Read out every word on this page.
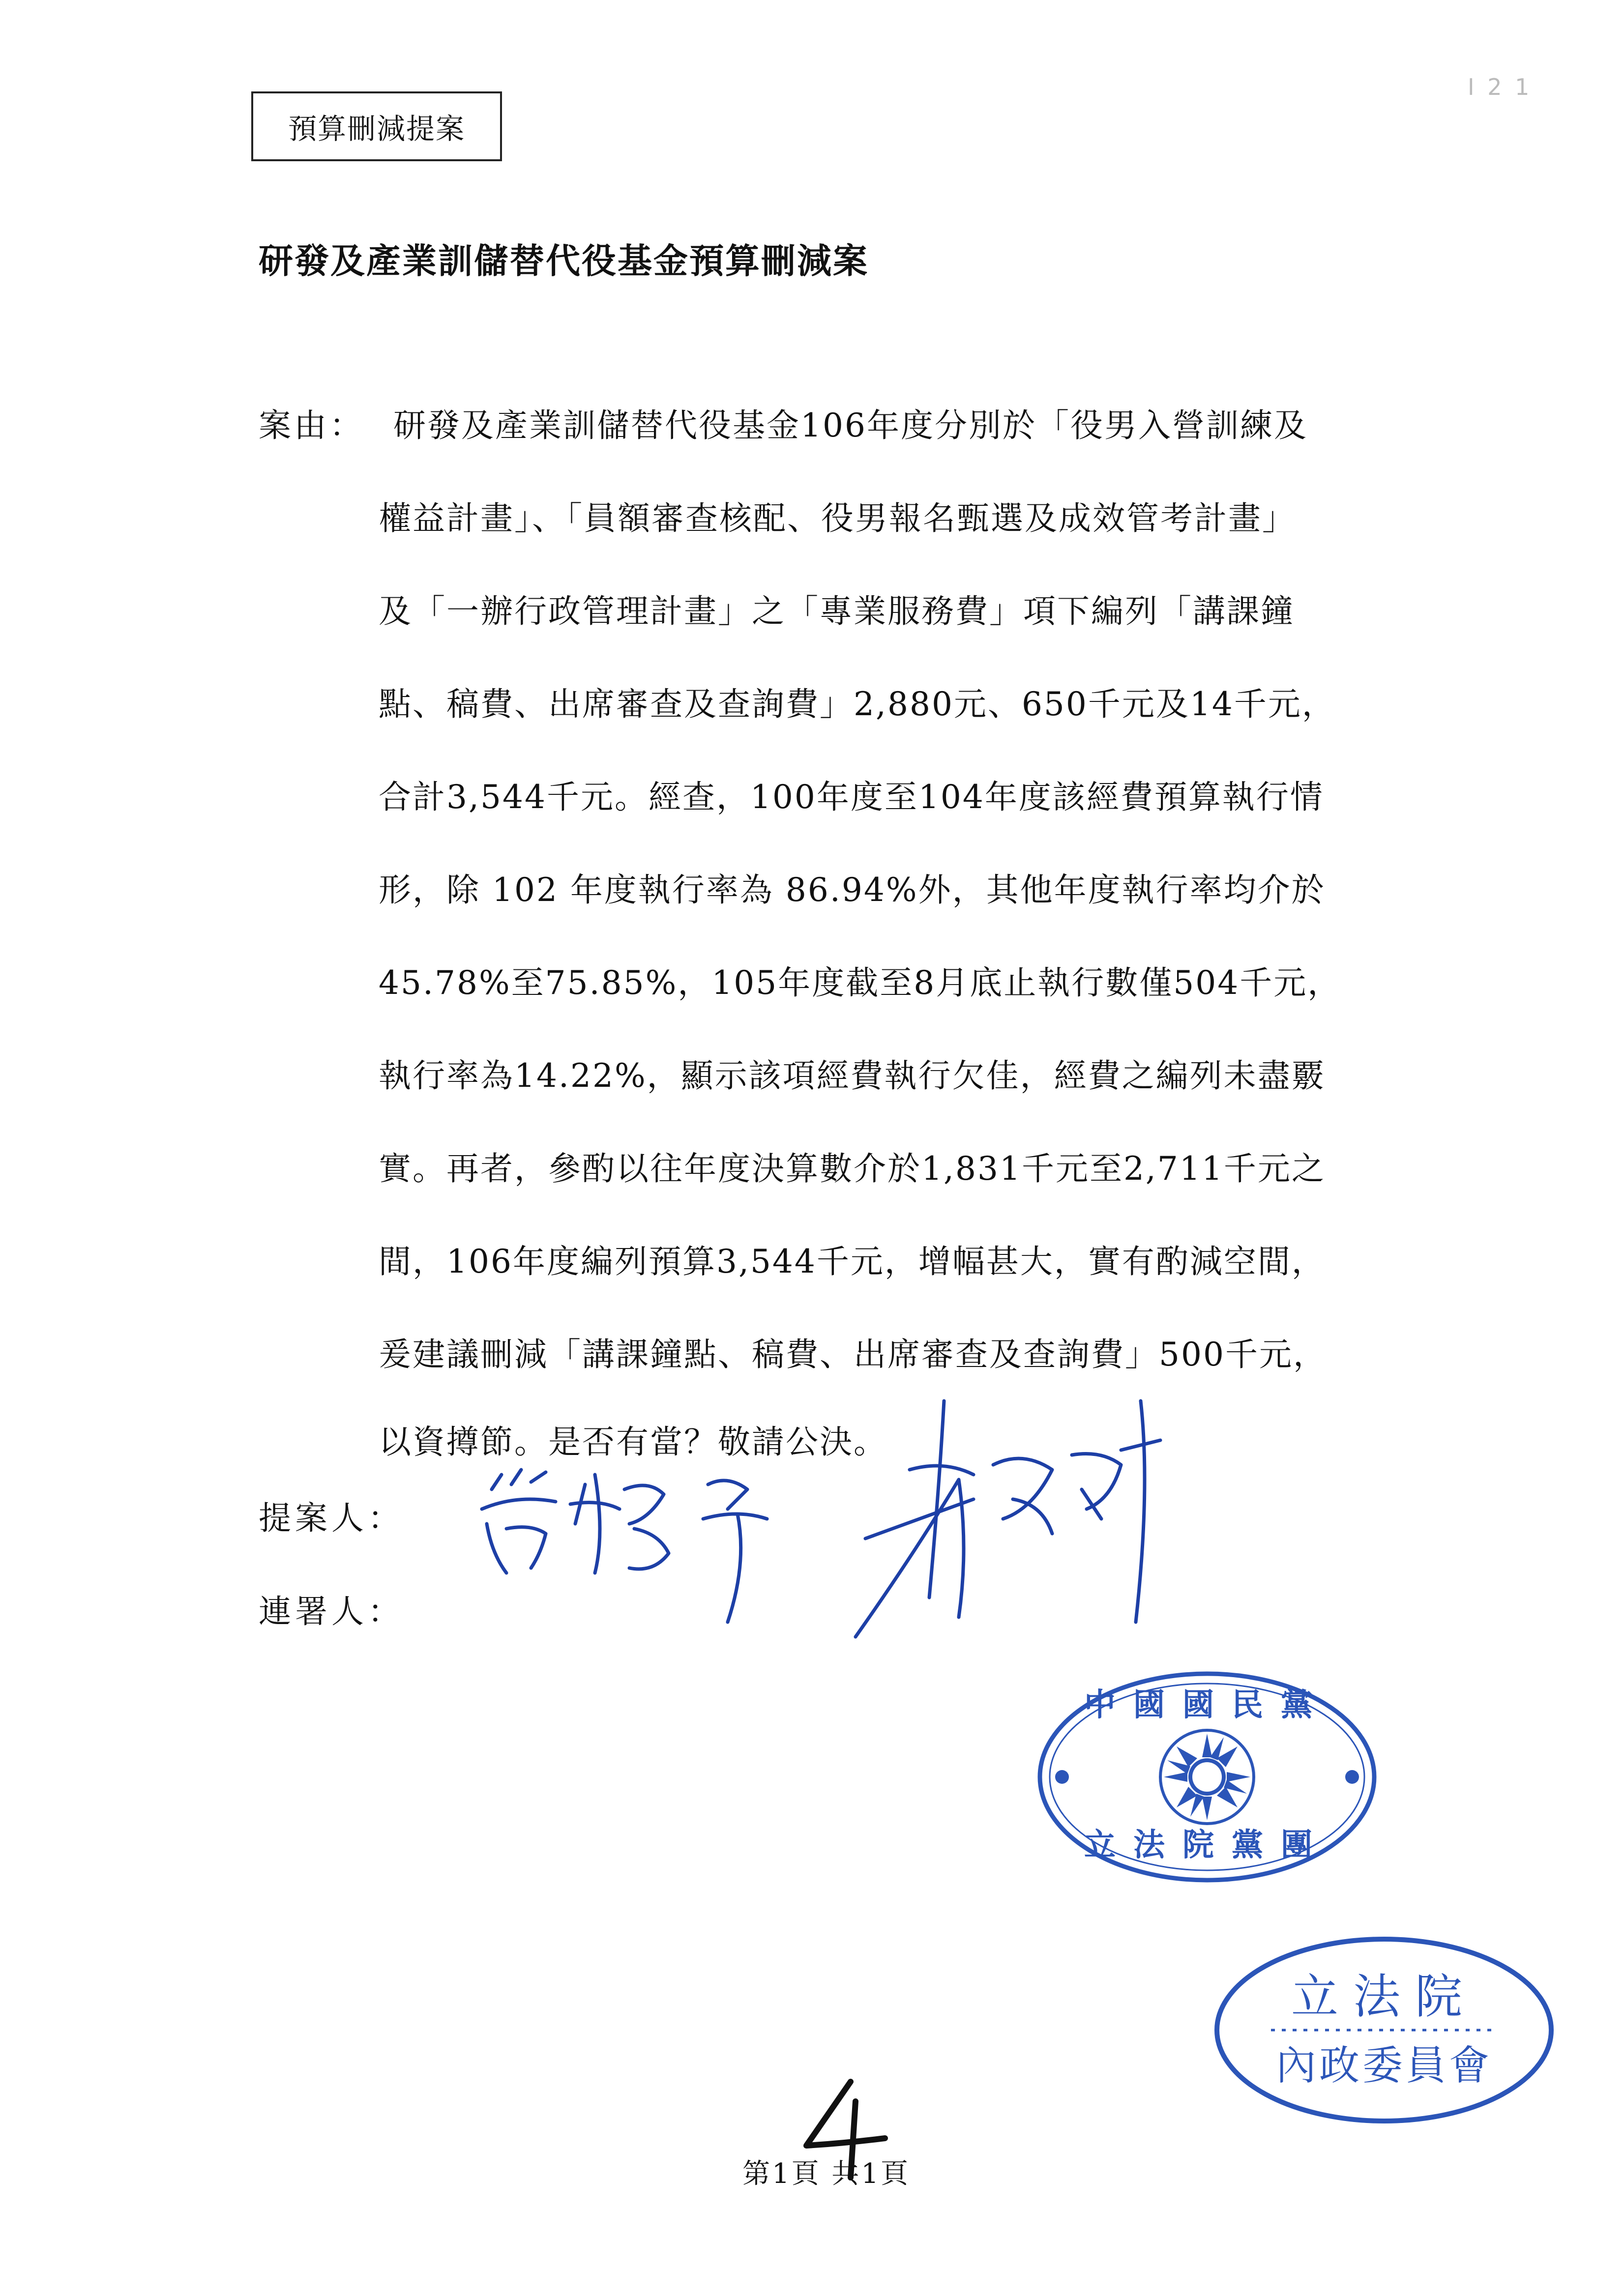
預算刪減提案
I 2 1
研發及產業訓儲替代役基金預算刪減案
案由： 研發及產業訓儲替代役基金106年度分別於「役男入營訓練及
權益計畫」、「員額審查核配、役男報名甄選及成效管考計畫」
及「一辦行政管理計畫」之「專業服務費」項下編列「講課鐘
點、稿費、出席審查及查詢費」2,880元、650千元及14千元，
合計3,544千元。經查，100年度至104年度該經費預算執行情
形，除 102 年度執行率為 86.94%外，其他年度執行率均介於
45.78%至75.85%，105年度截至8月底止執行數僅504千元，
執行率為14.22%，顯示該項經費執行欠佳，經費之編列未盡覈
實。再者，參酌以往年度決算數介於1,831千元至2,711千元之
間，106年度編列預算3,544千元，增幅甚大，實有酌減空間，
爰建議刪減「講課鐘點、稿費、出席審查及查詢費」500千元，
以資撙節。是否有當？敬請公決。
提案人：
連署人：
中國國民黨
立法院黨團
立法院
內政委員會
第1頁 共1頁
